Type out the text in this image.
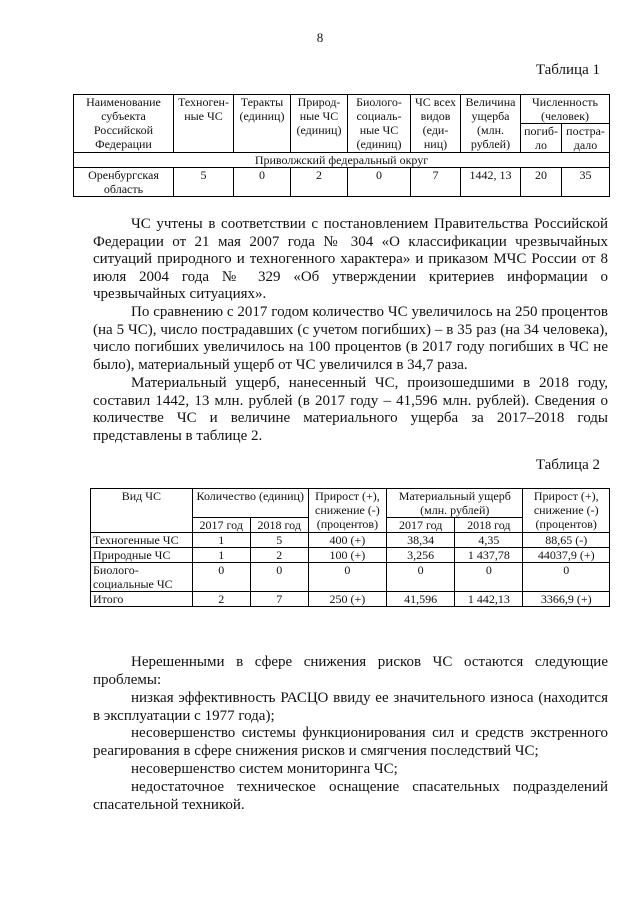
8
Таблица 1
Наименование субъекта Российской Федерации	Техноген-ные ЧС	Теракты (единиц)	Природ-ные ЧС (единиц)	Биолого-социаль-ные ЧС (единиц)	ЧС всех видов (еди-ниц)	Величина ущерба (млн. рублей)	Численность (человек)	
							погиб-ло	постра-дало
Приволжский федеральный округ								
Оренбургская область	5	0	2	0	7	1442, 13	20	35

ЧС учтены в соответствии с постановлением Правительства Российской Федерации от 21 мая 2007 года № 304 «О классификации чрезвычайных ситуаций природного и техногенного характера» и приказом МЧС России от 8 июля 2004 года № 329 «Об утверждении критериев информации о чрезвычайных ситуациях».

По сравнению с 2017 годом количество ЧС увеличилось на 250 процентов (на 5 ЧС), число пострадавших (с учетом погибших) – в 35 раз (на 34 человека), число погибших увеличилось на 100 процентов (в 2017 году погибших в ЧС не было), материальный ущерб от ЧС увеличился в 34,7 раза.

Материальный ущерб, нанесенный ЧС, произошедшими в 2018 году, составил 1442, 13 млн. рублей (в 2017 году – 41,596 млн. рублей). Сведения о количестве ЧС и величине материального ущерба за 2017–2018 годы представлены в таблице 2.

Таблица 2
Вид ЧС	Количество (единиц)		Прирост (+), снижение (-) (процентов)	Материальный ущерб (млн. рублей)		Прирост (+), снижение (-) (процентов)
	2017 год	2018 год		2017 год	2018 год	
Техногенные ЧС	1	5	400 (+)	38,34	4,35	88,65 (-)
Природные ЧС	1	2	100 (+)	3,256	1 437,78	44037,9 (+)
Биолого-социальные ЧС	0	0	0	0	0	0
Итого	2	7	250 (+)	41,596	1 442,13	3366,9 (+)

Нерешенными в сфере снижения рисков ЧС остаются следующие проблемы:

низкая эффективность РАСЦО ввиду ее значительного износа (находится в эксплуатации с 1977 года);

несовершенство системы функционирования сил и средств экстренного реагирования в сфере снижения рисков и смягчения последствий ЧС;

несовершенство систем мониторинга ЧС;

недостаточное техническое оснащение спасательных подразделений спасательной техникой.
